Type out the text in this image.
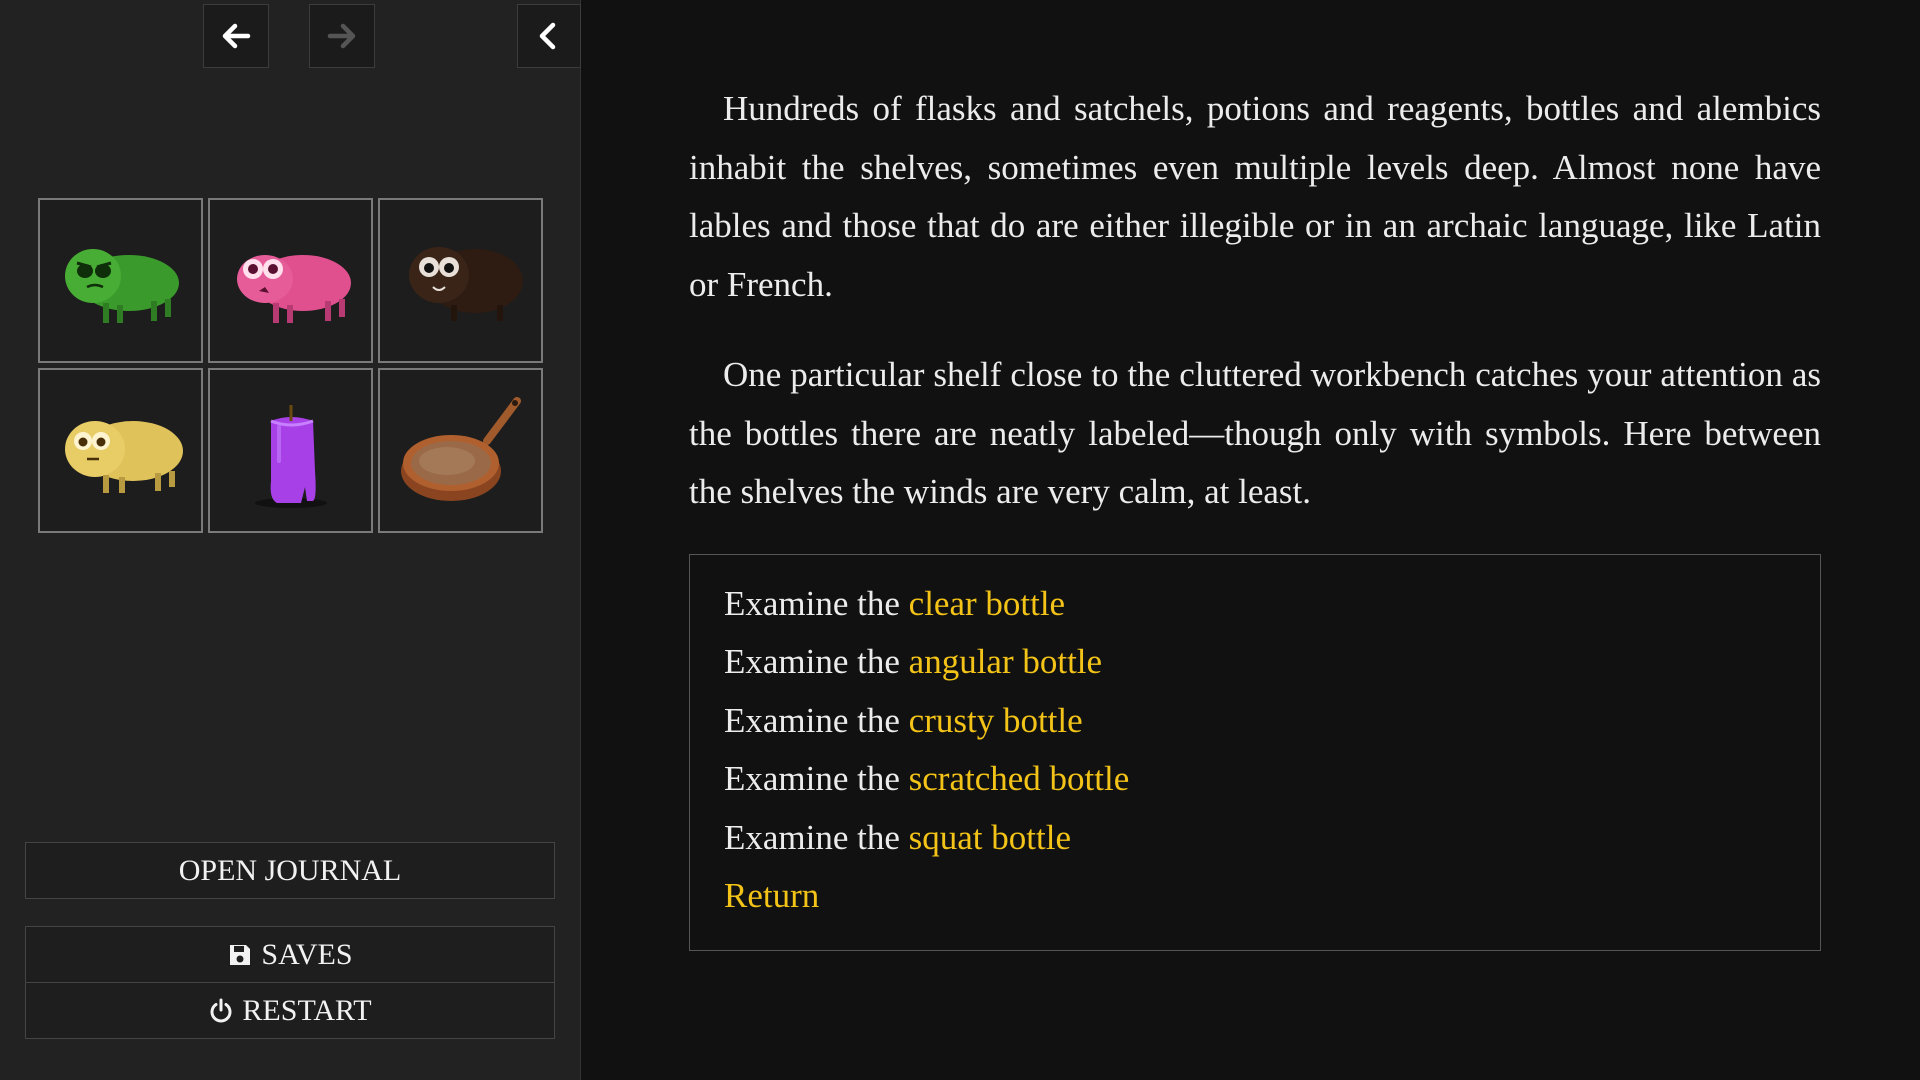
OPEN JOURNAL
SAVES
RESTART

Hundreds of flasks and satchels, potions and reagents, bottles and alembics inhabit the shelves, sometimes even multiple levels deep. Almost none have lables and those that do are either illegible or in an archaic language, like Latin or French.

One particular shelf close to the cluttered workbench catches your attention as the bottles there are neatly labeled—though only with symbols. Here between the shelves the winds are very calm, at least.

Examine the clear bottle
Examine the angular bottle
Examine the crusty bottle
Examine the scratched bottle
Examine the squat bottle
Return
